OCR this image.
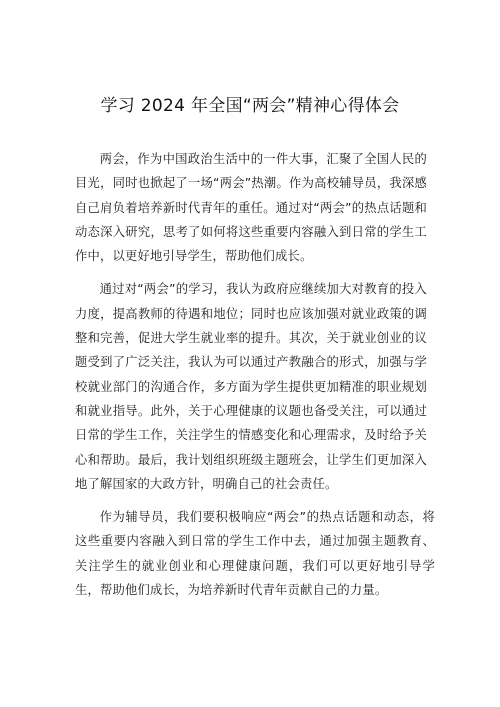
学习 2024 年全国“两会”精神心得体会

两会，作为中国政治生活中的一件大事，汇聚了全国人民的目光，同时也掀起了一场“两会”热潮。作为高校辅导员，我深感自己肩负着培养新时代青年的重任。通过对“两会”的热点话题和动态深入研究，思考了如何将这些重要内容融入到日常的学生工作中，以更好地引导学生，帮助他们成长。

通过对“两会”的学习，我认为政府应继续加大对教育的投入力度，提高教师的待遇和地位；同时也应该加强对就业政策的调整和完善，促进大学生就业率的提升。其次，关于就业创业的议题受到了广泛关注，我认为可以通过产教融合的形式，加强与学校就业部门的沟通合作，多方面为学生提供更加精准的职业规划和就业指导。此外，关于心理健康的议题也备受关注，可以通过日常的学生工作，关注学生的情感变化和心理需求，及时给予关心和帮助。最后，我计划组织班级主题班会，让学生们更加深入地了解国家的大政方针，明确自己的社会责任。

作为辅导员，我们要积极响应“两会”的热点话题和动态，将这些重要内容融入到日常的学生工作中去，通过加强主题教育、关注学生的就业创业和心理健康问题，我们可以更好地引导学生，帮助他们成长，为培养新时代青年贡献自己的力量。
